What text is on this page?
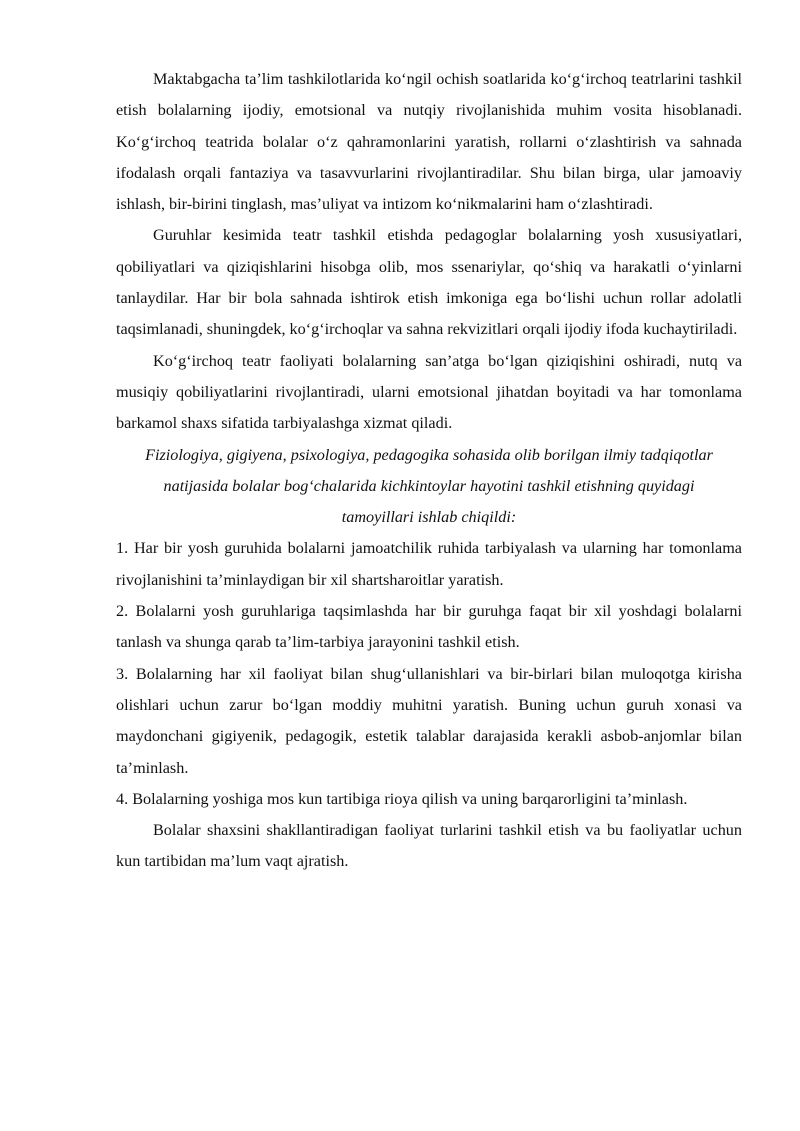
Maktabgacha ta’lim tashkilotlarida ko‘ngil ochish soatlarida ko‘g‘irchoq teatrlarini tashkil etish bolalarning ijodiy, emotsional va nutqiy rivojlanishida muhim vosita hisoblanadi. Ko‘g‘irchoq teatrida bolalar o‘z qahramonlarini yaratish, rollarni o‘zlashtirish va sahnada ifodalash orqali fantaziya va tasavvurlarini rivojlantiradilar. Shu bilan birga, ular jamoaviy ishlash, bir-birini tinglash, mas’uliyat va intizom ko‘nikmalarini ham o‘zlashtiradi.

Guruhlar kesimida teatr tashkil etishda pedagoglar bolalarning yosh xususiyatlari, qobiliyatlari va qiziqishlarini hisobga olib, mos ssenariylar, qo‘shiq va harakatli o‘yinlarni tanlaydilar. Har bir bola sahnada ishtirok etish imkoniga ega bo‘lishi uchun rollar adolatli taqsimlanadi, shuningdek, ko‘g‘irchoqlar va sahna rekvizitlari orqali ijodiy ifoda kuchaytiriladi.

Ko‘g‘irchoq teatr faoliyati bolalarning san’atga bo‘lgan qiziqishini oshiradi, nutq va musiqiy qobiliyatlarini rivojlantiradi, ularni emotsional jihatdan boyitadi va har tomonlama barkamol shaxs sifatida tarbiyalashga xizmat qiladi.

Fiziologiya, gigiyena, psixologiya, pedagogika sohasida olib borilgan ilmiy tadqiqotlar natijasida bolalar bog‘chalarida kichkintoylar hayotini tashkil etishning quyidagi tamoyillari ishlab chiqildi:

1. Har bir yosh guruhida bolalarni jamoatchilik ruhida tarbiyalash va ularning har tomonlama rivojlanishini ta’minlaydigan bir xil shartsharoitlar yaratish.

2. Bolalarni yosh guruhlariga taqsimlashda har bir guruhga faqat bir xil yoshdagi bolalarni tanlash va shunga qarab ta’lim-tarbiya jarayonini tashkil etish.

3. Bolalarning har xil faoliyat bilan shug‘ullanishlari va bir-birlari bilan muloqotga kirisha olishlari uchun zarur bo‘lgan moddiy muhitni yaratish. Buning uchun guruh xonasi va maydonchani gigiyenik, pedagogik, estetik talablar darajasida kerakli asbob-anjomlar bilan ta’minlash.

4. Bolalarning yoshiga mos kun tartibiga rioya qilish va uning barqarorligini ta’minlash.

Bolalar shaxsini shakllantiradigan faoliyat turlarini tashkil etish va bu faoliyatlar uchun kun tartibidan ma’lum vaqt ajratish.
